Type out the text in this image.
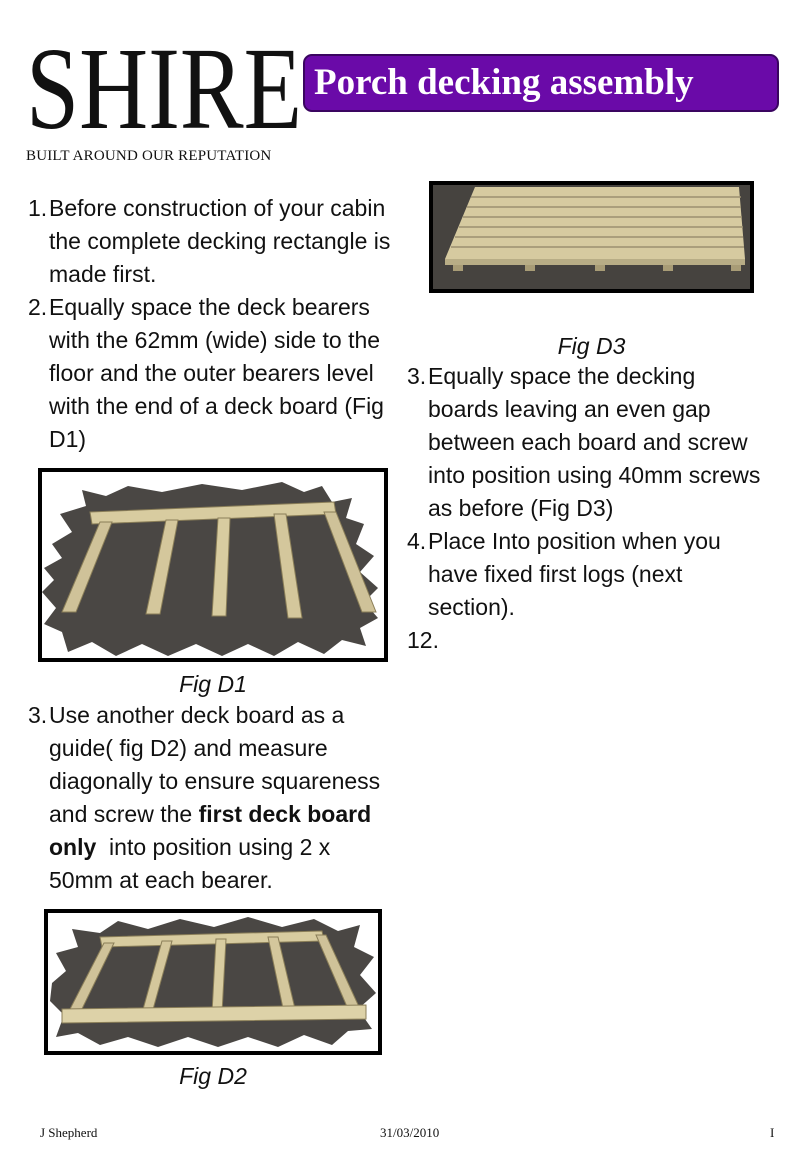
SHIRE
BUILT AROUND OUR REPUTATION
Porch decking assembly
1. Before construction of your cabin the complete decking rectangle is made first.
2. Equally space the deck bearers with the 62mm (wide) side to the floor and the outer bearers level with the end of a deck board (Fig D1)
Fig D1
3. Use another deck board as a guide( fig D2) and measure diagonally to ensure squareness and screw the first deck board only  into position using 2 x 50mm at each bearer.
Fig D2
Fig D3
3. Equally space the decking boards leaving an even gap between each board and screw into position using 40mm screws as before (Fig D3)
4. Place Into position when you have fixed first logs (next section).
12.
J Shepherd	31/03/2010	I
